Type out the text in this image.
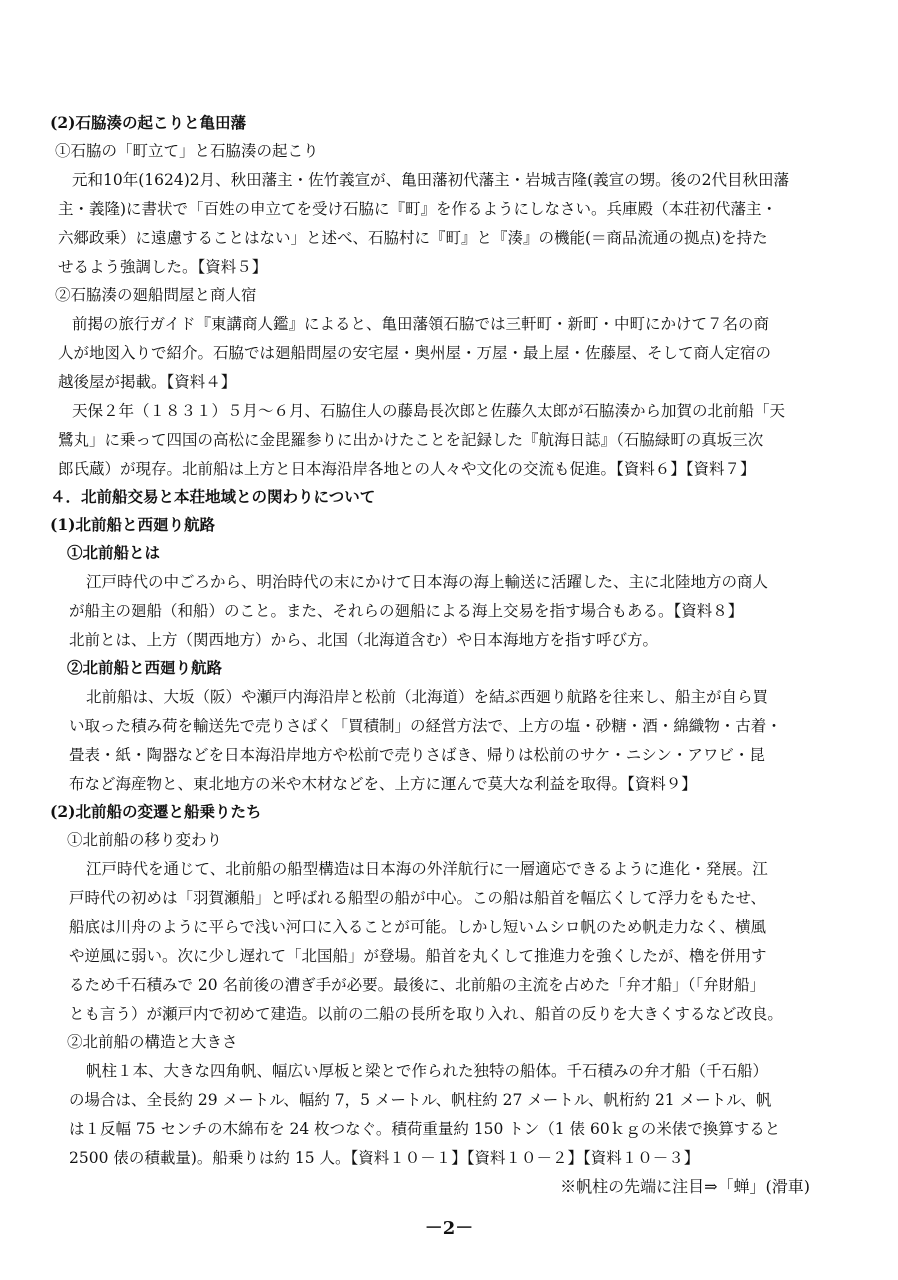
(2)石脇湊の起こりと亀田藩
①石脇の「町立て」と石脇湊の起こり
元和10年(1624)2月、秋田藩主・佐竹義宣が、亀田藩初代藩主・岩城吉隆(義宣の甥。後の2代目秋田藩
主・義隆)に書状で「百姓の申立てを受け石脇に『町』を作るようにしなさい。兵庫殿（本荘初代藩主・
六郷政乗）に遠慮することはない」と述べ、石脇村に『町』と『湊』の機能(＝商品流通の拠点)を持た
せるよう強調した。【資料５】
②石脇湊の廻船問屋と商人宿
前掲の旅行ガイド『東講商人鑑』によると、亀田藩領石脇では三軒町・新町・中町にかけて７名の商
人が地図入りで紹介。石脇では廻船問屋の安宅屋・奥州屋・万屋・最上屋・佐藤屋、そして商人定宿の
越後屋が掲載。【資料４】
天保２年（１８３１）５月～６月、石脇住人の藤島長次郎と佐藤久太郎が石脇湊から加賀の北前船「天
鷺丸」に乗って四国の高松に金毘羅参りに出かけたことを記録した『航海日誌』（石脇緑町の真坂三次
郎氏蔵）が現存。北前船は上方と日本海沿岸各地との人々や文化の交流も促進。【資料６】【資料７】
４．北前船交易と本荘地域との関わりについて
(1)北前船と西廻り航路
①北前船とは
江戸時代の中ごろから、明治時代の末にかけて日本海の海上輸送に活躍した、主に北陸地方の商人
が船主の廻船（和船）のこと。また、それらの廻船による海上交易を指す場合もある。【資料８】
北前とは、上方（関西地方）から、北国（北海道含む）や日本海地方を指す呼び方。
②北前船と西廻り航路
北前船は、大坂（阪）や瀬戸内海沿岸と松前（北海道）を結ぶ西廻り航路を往来し、船主が自ら買
い取った積み荷を輸送先で売りさばく「買積制」の経営方法で、上方の塩・砂糖・酒・綿織物・古着・
畳表・紙・陶器などを日本海沿岸地方や松前で売りさばき、帰りは松前のサケ・ニシン・アワビ・昆
布など海産物と、東北地方の米や木材などを、上方に運んで莫大な利益を取得。【資料９】
(2)北前船の変遷と船乗りたち
①北前船の移り変わり
江戸時代を通じて、北前船の船型構造は日本海の外洋航行に一層適応できるように進化・発展。江
戸時代の初めは「羽賀瀬船」と呼ばれる船型の船が中心。この船は船首を幅広くして浮力をもたせ、
船底は川舟のように平らで浅い河口に入ることが可能。しかし短いムシロ帆のため帆走力なく、横風
や逆風に弱い。次に少し遅れて「北国船」が登場。船首を丸くして推進力を強くしたが、櫓を併用す
るため千石積みで 20 名前後の漕ぎ手が必要。最後に、北前船の主流を占めた「弁才船」（「弁財船」
とも言う）が瀬戸内で初めて建造。以前の二船の長所を取り入れ、船首の反りを大きくするなど改良。
②北前船の構造と大きさ
帆柱１本、大きな四角帆、幅広い厚板と梁とで作られた独特の船体。千石積みの弁才船（千石船）
の場合は、全長約 29 メートル、幅約 7，5 メートル、帆柱約 27 メートル、帆桁約 21 メートル、帆
は１反幅 75 センチの木綿布を 24 枚つなぐ。積荷重量約 150 トン（1 俵 60ｋｇの米俵で換算すると
2500 俵の積載量)。船乗りは約 15 人。【資料１０－１】【資料１０－２】【資料１０－３】
※帆柱の先端に注目⇒「蝉」(滑車)
－2－
